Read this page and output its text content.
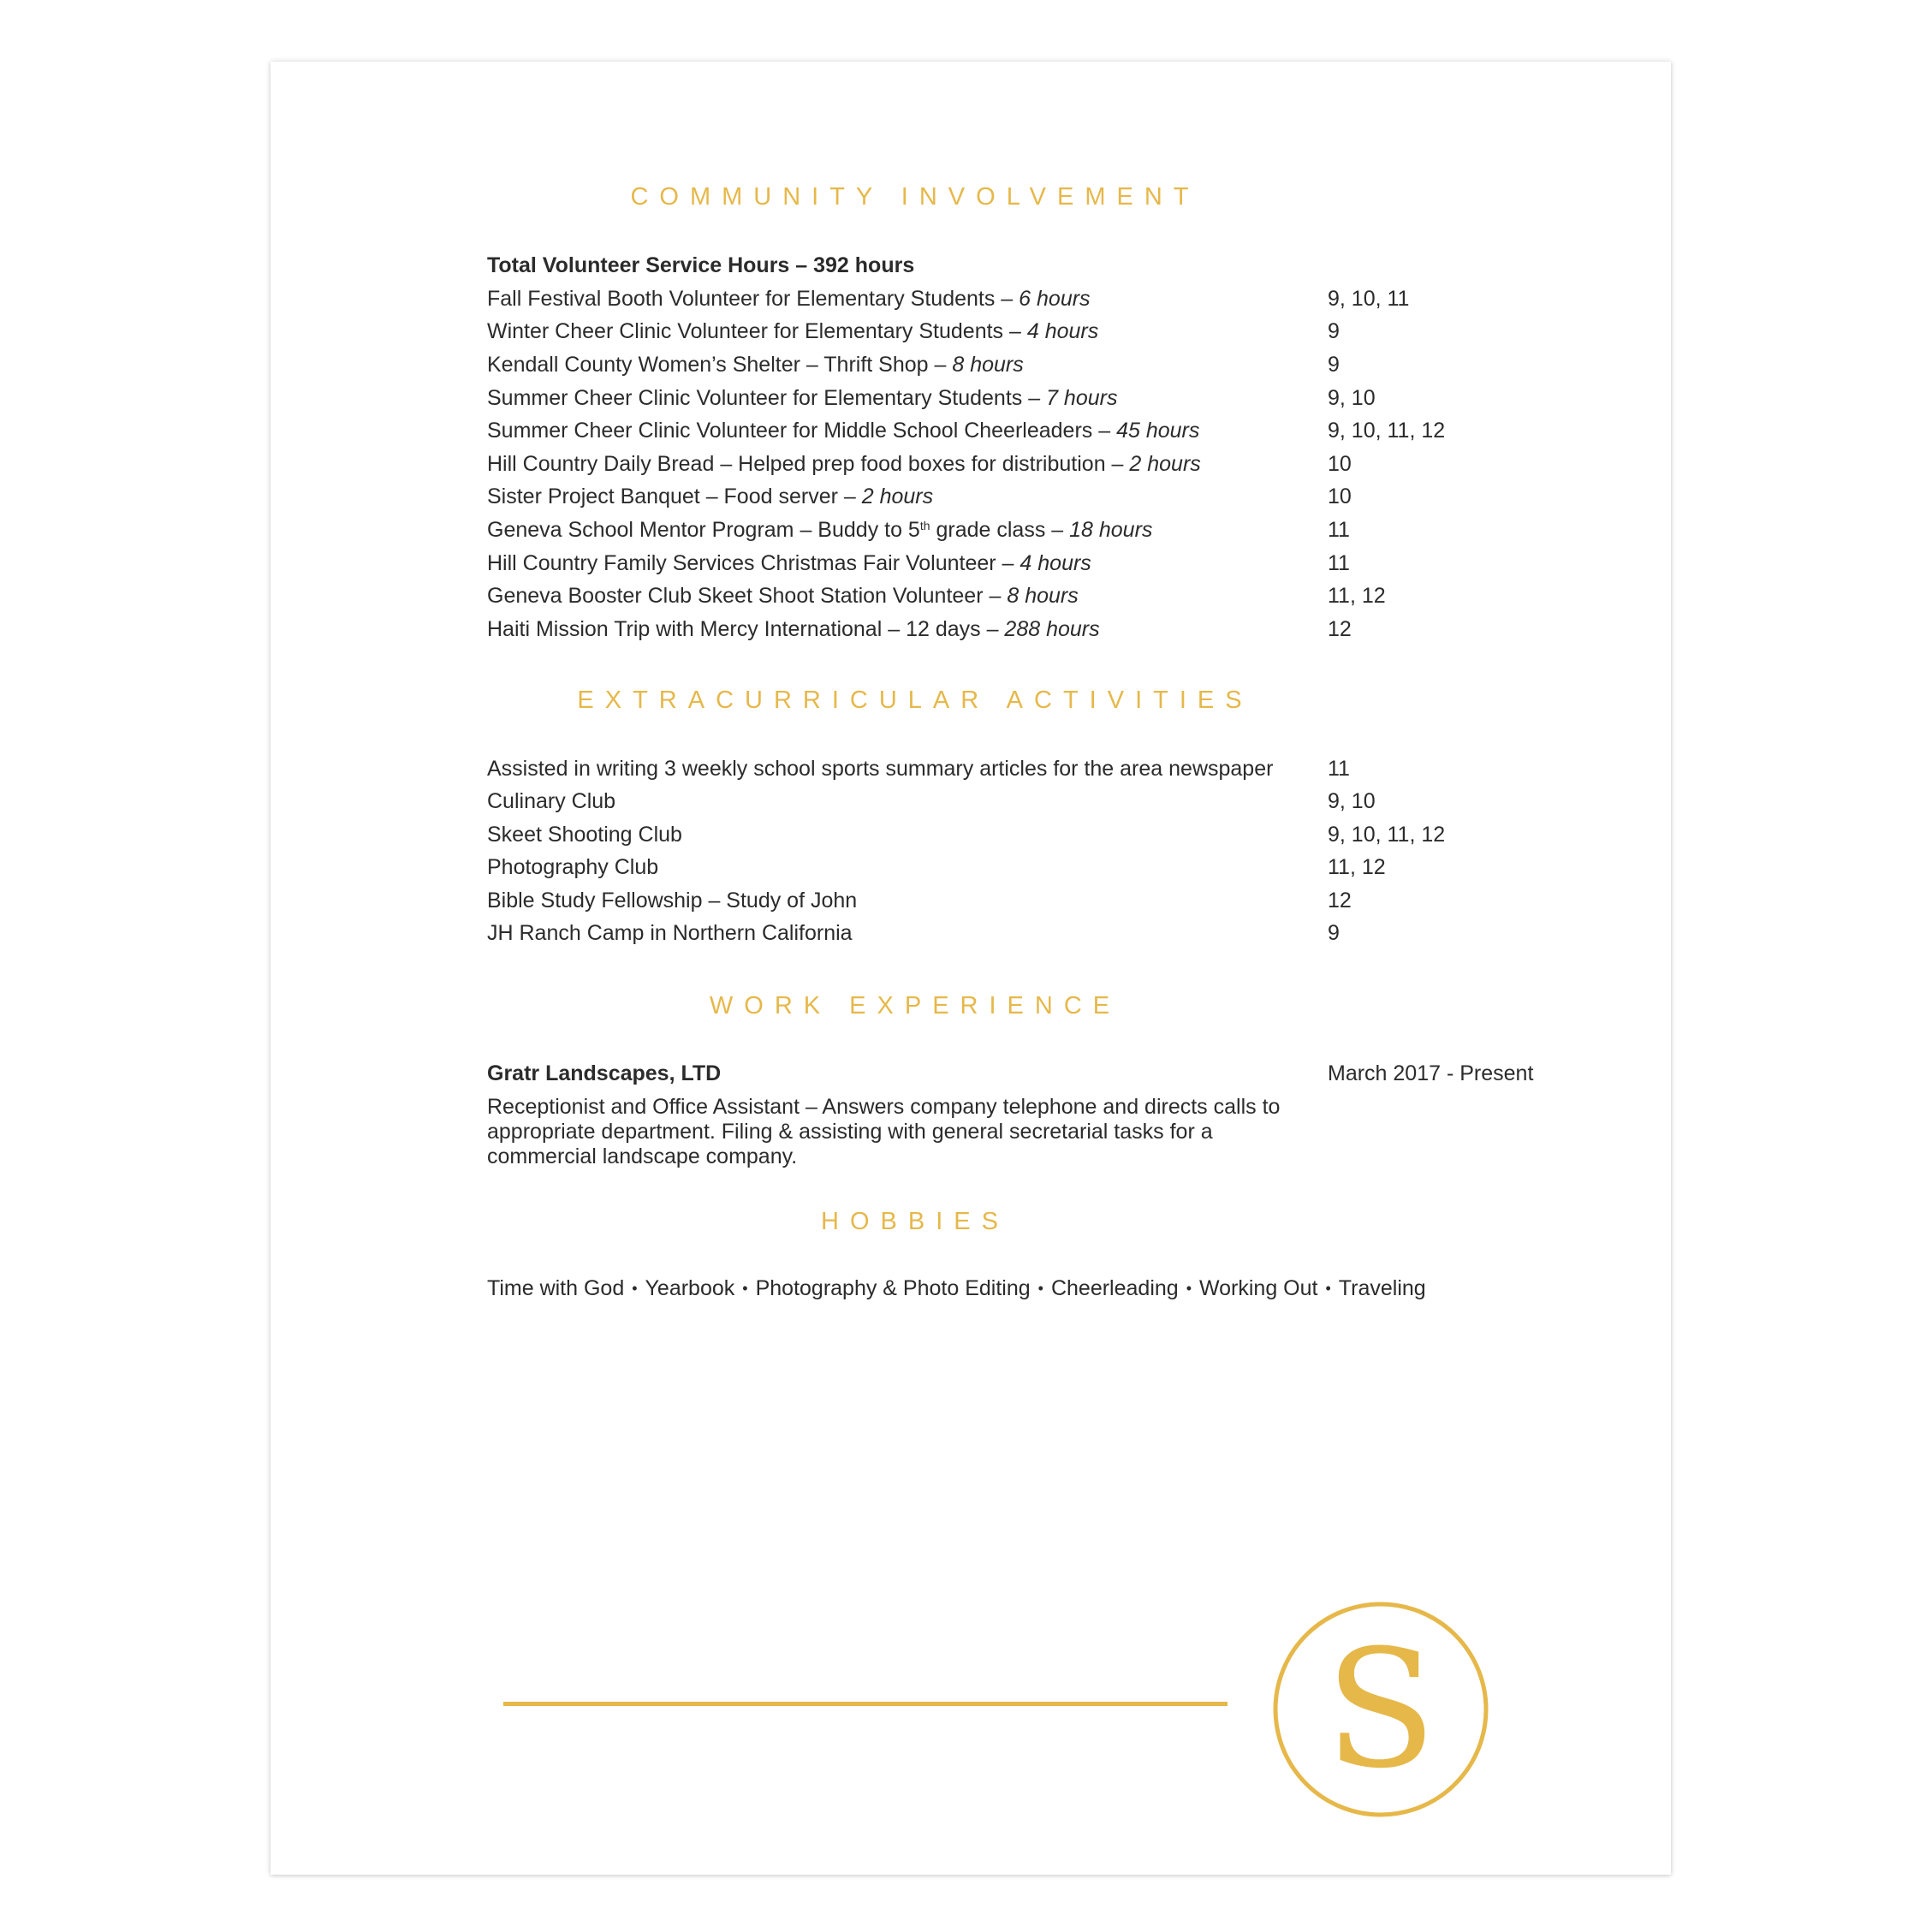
COMMUNITY INVOLVEMENT
Total Volunteer Service Hours – 392 hours
Fall Festival Booth Volunteer for Elementary Students – 6 hours	9, 10, 11
Winter Cheer Clinic Volunteer for Elementary Students – 4 hours	9
Kendall County Women’s Shelter – Thrift Shop – 8 hours	9
Summer Cheer Clinic Volunteer for Elementary Students – 7 hours	9, 10
Summer Cheer Clinic Volunteer for Middle School Cheerleaders – 45 hours	9, 10, 11, 12
Hill Country Daily Bread – Helped prep food boxes for distribution – 2 hours	10
Sister Project Banquet – Food server – 2 hours	10
Geneva School Mentor Program – Buddy to 5th grade class – 18 hours	11
Hill Country Family Services Christmas Fair Volunteer – 4 hours	11
Geneva Booster Club Skeet Shoot Station Volunteer – 8 hours	11, 12
Haiti Mission Trip with Mercy International – 12 days – 288 hours	12
EXTRACURRICULAR ACTIVITIES
Assisted in writing 3 weekly school sports summary articles for the area newspaper	11
Culinary Club	9, 10
Skeet Shooting Club	9, 10, 11, 12
Photography Club	11, 12
Bible Study Fellowship – Study of John	12
JH Ranch Camp in Northern California	9
WORK EXPERIENCE
Gratr Landscapes, LTD	March 2017 - Present
Receptionist and Office Assistant – Answers company telephone and directs calls to appropriate department. Filing & assisting with general secretarial tasks for a commercial landscape company.
HOBBIES
Time with God • Yearbook • Photography & Photo Editing • Cheerleading • Working Out • Traveling
S
